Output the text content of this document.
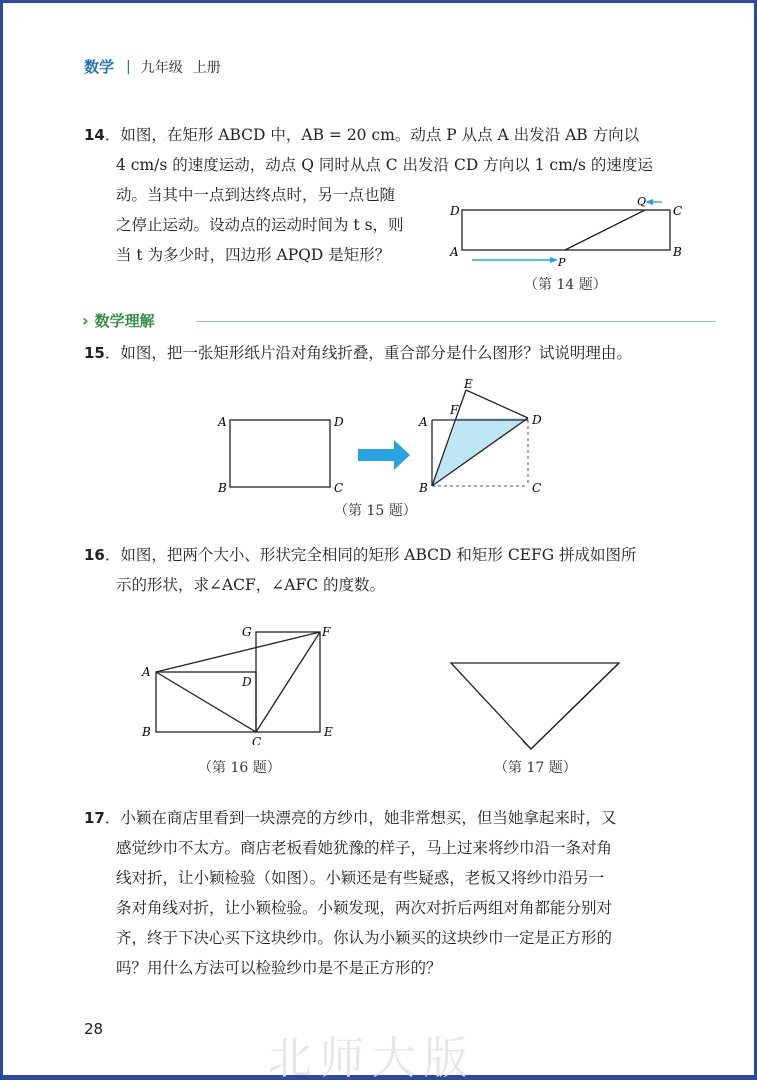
数学 | 九年级 上册
14．如图，在矩形 ABCD 中，AB = 20 cm。动点 P 从点 A 出发沿 AB 方向以
4 cm/s 的速度运动，动点 Q 同时从点 C 出发沿 CD 方向以 1 cm/s 的速度运
动。当其中一点到达终点时，另一点也随
之停止运动。设动点的运动时间为 t s，则
当 t 为多少时，四边形 APQD 是矩形？
D
A
C
B
P
Q
（第 14 题）
› 数学理解
15．如图，把一张矩形纸片沿对角线折叠，重合部分是什么图形？试说明理由。
A	D
B	C
A
F
E
D
B	C
（第 15 题）
16．如图，把两个大小、形状完全相同的矩形 ABCD 和矩形 CEFG 拼成如图所
示的形状，求∠ACF，∠AFC 的度数。
A
B
C
D
E
F
G
（第 16 题）	（第 17 题）
17．小颖在商店里看到一块漂亮的方纱巾，她非常想买，但当她拿起来时，又
感觉纱巾不太方。商店老板看她犹豫的样子，马上过来将纱巾沿一条对角
线对折，让小颖检验（如图）。小颖还是有些疑惑，老板又将纱巾沿另一
条对角线对折，让小颖检验。小颖发现，两次对折后两组对角都能分别对
齐，终于下决心买下这块纱巾。你认为小颖买的这块纱巾一定是正方形的
吗？用什么方法可以检验纱巾是不是正方形的？
28
北师大版
